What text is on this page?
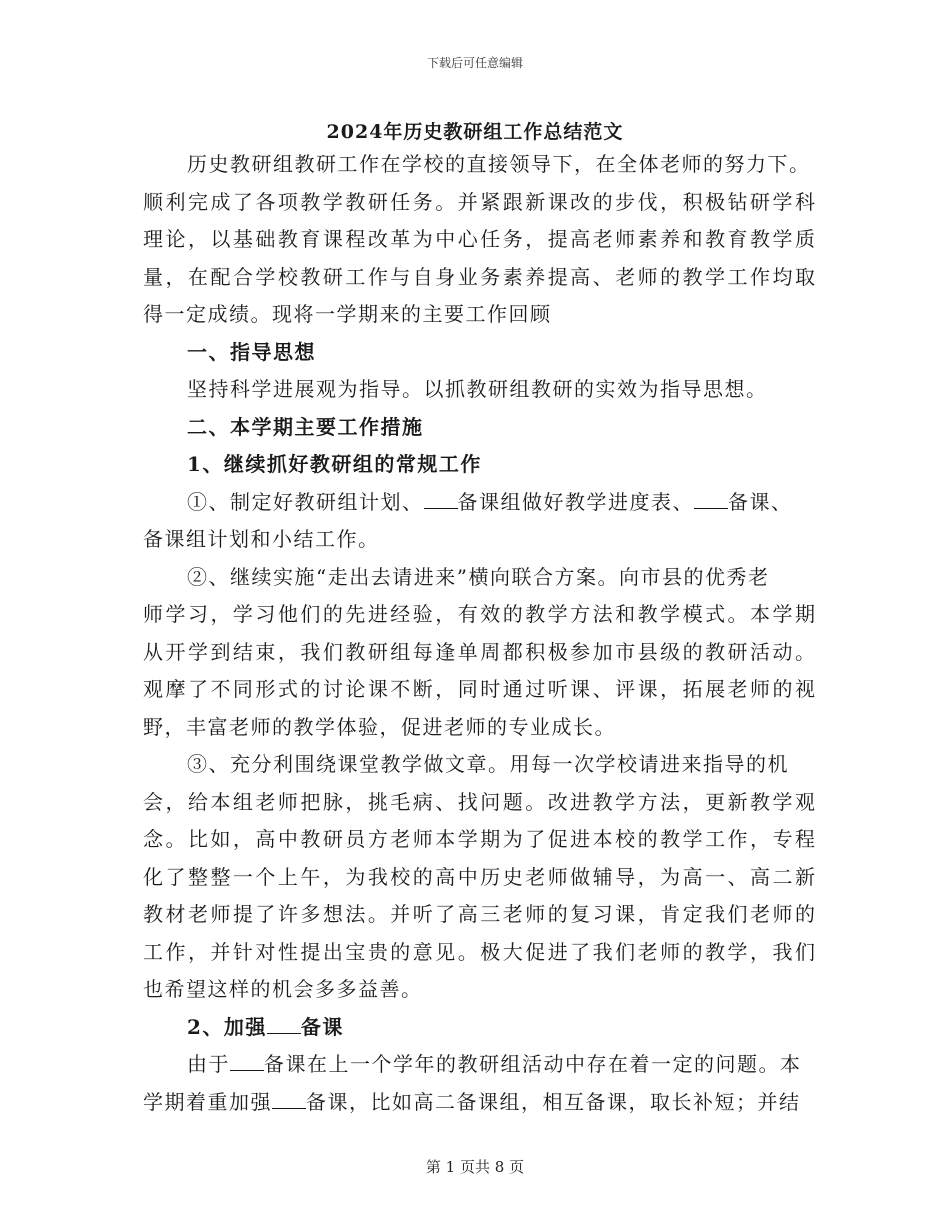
下载后可任意编辑
2024年历史教研组工作总结范文
历史教研组教研工作在学校的直接领导下，在全体老师的努力下。
顺利完成了各项教学教研任务。并紧跟新课改的步伐，积极钻研学科
理论，以基础教育课程改革为中心任务，提高老师素养和教育教学质
量，在配合学校教研工作与自身业务素养提高、老师的教学工作均取
得一定成绩。现将一学期来的主要工作回顾
一、指导思想
坚持科学进展观为指导。以抓教研组教研的实效为指导思想。
二、本学期主要工作措施
1、继续抓好教研组的常规工作
①、制定好教研组计划、 备课组做好教学进度表、 备课、
备课组计划和小结工作。
②、继续实施“走出去请进来”横向联合方案。向市县的优秀老
师学习，学习他们的先进经验，有效的教学方法和教学模式。本学期
从开学到结束，我们教研组每逢单周都积极参加市县级的教研活动。
观摩了不同形式的讨论课不断，同时通过听课、评课，拓展老师的视
野，丰富老师的教学体验，促进老师的专业成长。
③、充分利围绕课堂教学做文章。用每一次学校请进来指导的机
会，给本组老师把脉，挑毛病、找问题。改进教学方法，更新教学观
念。比如，高中教研员方老师本学期为了促进本校的教学工作，专程
化了整整一个上午，为我校的高中历史老师做辅导，为高一、高二新
教材老师提了许多想法。并听了高三老师的复习课，肯定我们老师的
工作，并针对性提出宝贵的意见。极大促进了我们老师的教学，我们
也希望这样的机会多多益善。
2、加强 备课
由于 备课在上一个学年的教研组活动中存在着一定的问题。本
学期着重加强 备课，比如高二备课组，相互备课，取长补短；并结
第 1 页共 8 页
